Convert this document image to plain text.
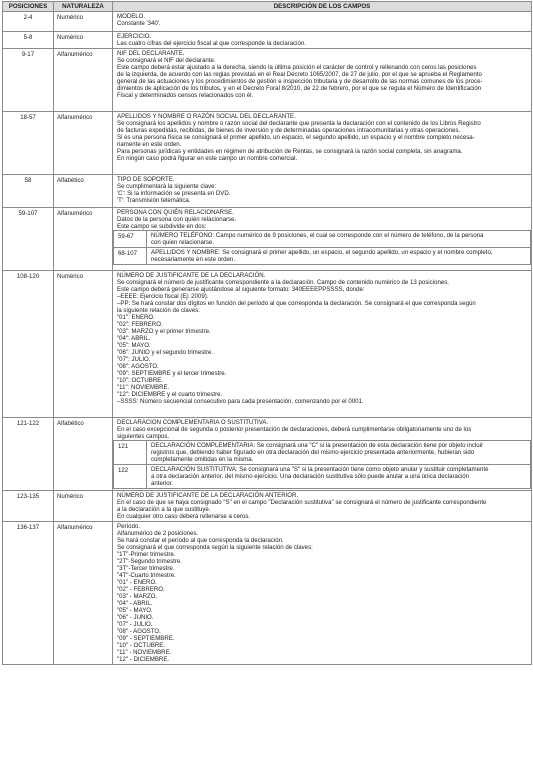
POSICIONES	NATURALEZA	DESCRIPCIÓN DE LOS CAMPOS
2-4	Numérico	MODELO.
Constante '340'.

5-8	Numérico	EJERCICIO.
Las cuatro cifras del ejercicio fiscal al que corresponde la declaración.

9-17	Alfanumérico	NIF DEL DECLARANTE.
Se consignará el NIF del declarante.
Este campo deberá estar ajustado a la derecha, siendo la última posición el carácter de control y rellenando con ceros las posiciones
de la izquierda, de acuerdo con las reglas previstas en el Real Decreto 1065/2007, de 27 de julio, por el que se aprueba el Reglamento
general de las actuaciones y los procedimientos de gestión e inspección tributaria y de desarrollo de las normas comunes de los proce-
dimientos de aplicación de los tributos, y en el Decreto Foral 8/2010, de 22 de febrero, por el que se regula el Número de Identificación
Fiscal y determinados censos relacionados con él.

18-57	Alfanumérico	APELLIDOS Y NOMBRE O RAZÓN SOCIAL DEL DECLARANTE.
Se consignará los apellidos y nombre o razón social del declarante que presenta la declaración con el contenido de los Libros Registro
de facturas expedidas, recibidas, de bienes de inversión y de determinadas operaciones intracomunitarias y otras operaciones.
Si es una persona física se consignará el primer apellido, un espacio, el segundo apellido, un espacio y el nombre completo necesa-
riamente en este orden.
Para personas jurídicas y entidades en régimen de atribución de Rentas, se consignará la razón social completa, sin anagrama.
En ningún caso podrá figurar en este campo un nombre comercial.

58	Alfabético	TIPO DE SOPORTE.
Se cumplimentará la siguiente clave:
'C': Si la información se presenta en DVD.
'T': Transmisión telemática.

59-107	Alfanumérico	PERSONA CON QUIÉN RELACIONARSE.
Datos de la persona con quién relacionarse.
Este campo se subdivide en dos:
59-67	NÚMERO TELÉFONO: Campo numérico de 9 posiciones, el cual se corresponde con el número de teléfono, de la persona
con quien relacionarse.

68-107	APELLIDOS Y NOMBRE: Se consignará el primer apellido, un espacio, el segundo apellido, un espacio y el nombre completo,
necesariamente en este orden.

108-120	Numérico	NÚMERO DE JUSTIFICANTE DE LA DECLARACIÓN.
Se consignará el número de justificante correspondiente a la declaración. Campo de contenido numérico de 13 posiciones.
Este campo deberá generarse ajustándose al siguiente formato: 340EEEEPPSSSS, donde:
–EEEE: Ejercicio fiscal (Ej: 2009).
–PP: Se hará constar dos dígitos en función del período al que corresponda la declaración. Se consignará el que corresponda según
la siguiente relación de claves:
"01": ENERO.
"02": FEBRERO.
"03": MARZO y el primer trimestre.
"04": ABRIL.
"05": MAYO.
"06": JUNIO y el segundo trimestre.
"07": JULIO.
"08": AGOSTO.
"09": SEPTIEMBRE y el tercer trimestre.
"10": OCTUBRE.
"11": NOVIEMBRE.
"12": DICIEMBRE y el cuarto trimestre.
–SSSS: Número secuencial consecutivo para cada presentación, comenzando por el 0001.

121-122	Alfabético	DECLARACION COMPLEMENTARIA O SUSTITUTIVA.
En el caso excepcional de segunda o posterior presentación de declaraciones, deberá cumplimentarse obligatoriamente uno de los
siguientes campos.
121	DECLARACIÓN COMPLEMENTARIA: Se consignará una "C" si la presentación de esta declaración tiene por objeto incluir
registros que, debiendo haber figurado en otra declaración del mismo ejercicio presentada anteriormente, hubieran sido
completamente omitidas en la misma.

122	DECLARACIÓN SUSTITUTIVA: Se consignará una "S" si la presentación tiene como objeto anular y sustituir completamente
a otra declaración anterior, del mismo ejercicio. Una declaración sustitutiva sólo puede anular a una única declaración
anterior.

123-135	Numérico	NÚMERO DE JUSTIFICANTE DE LA DECLARACIÓN ANTERIOR.
En el caso de que se haya consignado "S" en el campo "Declaración sustitutiva" se consignará el número de justificante correspondiente
a la declaración a la que sustituye.
En cualquier otro caso deberá rellenarse a ceros.

136-137	Alfanumérico	Período.
Alfanumérico de 2 posiciones.
Se hará constar el período al que corresponda la declaración.
Se consignará el que corresponda según la siguiente relación de claves:
"1T"-Primer trimestre.
"2T"-Segundo trimestre.
"3T"-Tercer trimestre.
"4T"-Cuarto trimestre.
"01" - ENERO.
"02" - FEBRERO.
"03" - MARZO.
"04" - ABRIL.
"05" - MAYO.
"06" - JUNIO.
"07" - JULIO.
"08" - AGOSTO.
"09" - SEPTIEMBRE.
"10" - OCTUBRE.
"11" - NOVIEMBRE.
"12" - DICIEMBRE.
